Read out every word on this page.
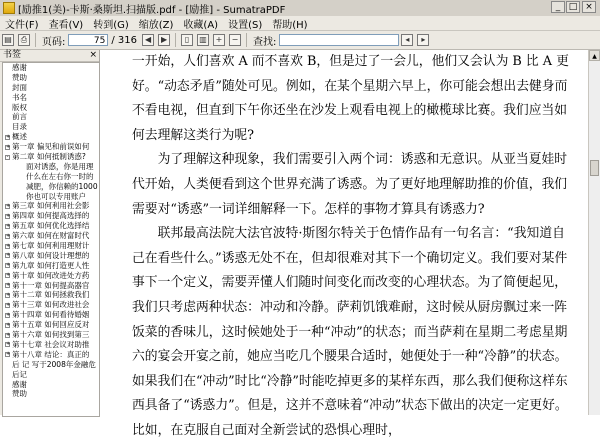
[励推1(美)-卡斯·桑斯坦.扫描版.pdf - [励推] - SumatraPDF	_ □ ×
文件(F)	查看(V)	转到(G)	缩放(Z)	收藏(A)	设置(S)	帮助(H)
▤	⎙ 页码:	75 / 316 ◀	▶	▯	▥	+	− 查找:	◂	▸
书签	×
感谢
赞助
封面
书名
版权
前言
目录
+ 概述
+ 第一章 偏见和前误如何
- 第二章 如何抵制诱惑?
面对诱惑，你是用理
什么在左右你一时的
减肥，你信赖的1000
你也可以专用账户
+ 第三章 如何利用社会影
+ 第四章 如何提高选择的
+ 第五章 如何优化选择结
+ 第六章 如何在财富时代
+ 第七章 如何利用理财计
+ 第八章 如何设计理想的
+ 第九章 如何打造更人性
+ 第十章 如何改进处方药
+ 第十一章 如何提高器官
+ 第十二章 如何拯救我们
+ 第十三章 如何改进社会
+ 第十四章 如何看待婚姻
+ 第十五章 如何回应反对
+ 第十六章 如何找到第三
+ 第十七章 社会议对助推
+ 第十八章 结论：真正的
后 记 写于2008年金融危
后记
感谢
赞助

一开始，人们喜欢 A 而不喜欢 B，但是过了一会儿，他们又会认为 B 比 A 更好。“动态矛盾”随处可见。例如，在某个星期六早上，你可能会想出去健身而不看电视，但直到下午你还坐在沙发上观看电视上的橄榄球比赛。我们应当如何去理解这类行为呢?

为了理解这种现象，我们需要引入两个词：诱惑和无意识。从亚当夏娃时代开始，人类便看到这个世界充满了诱惑。为了更好地理解助推的价值，我们需要对“诱惑”一词详细解释一下。怎样的事物才算具有诱惑力?

联邦最高法院大法官波特·斯图尔特关于色情作品有一句名言：“我知道自己在看些什么。”诱惑无处不在，但却很难对其下一个确切定义。我们要对某件事下一个定义，需要弄懂人们随时间变化而改变的心理状态。为了简便起见，我们只考虑两种状态：冲动和冷静。萨莉饥饿难耐，这时候从厨房飘过来一阵饭菜的香味儿，这时候她处于一种“冲动”的状态；而当萨莉在星期二考虑星期六的宴会开宴之前，她应当吃几个腰果合适时，她便处于一种“冷静”的状态。如果我们在“冲动”时比“冷静”时能吃掉更多的某样东西，那么我们便称这样东西具备了“诱惑力”。但是，这并不意味着“冲动”状态下做出的决定一定更好。比如，在克服自己面对全新尝试的恐惧心理时，

▲
